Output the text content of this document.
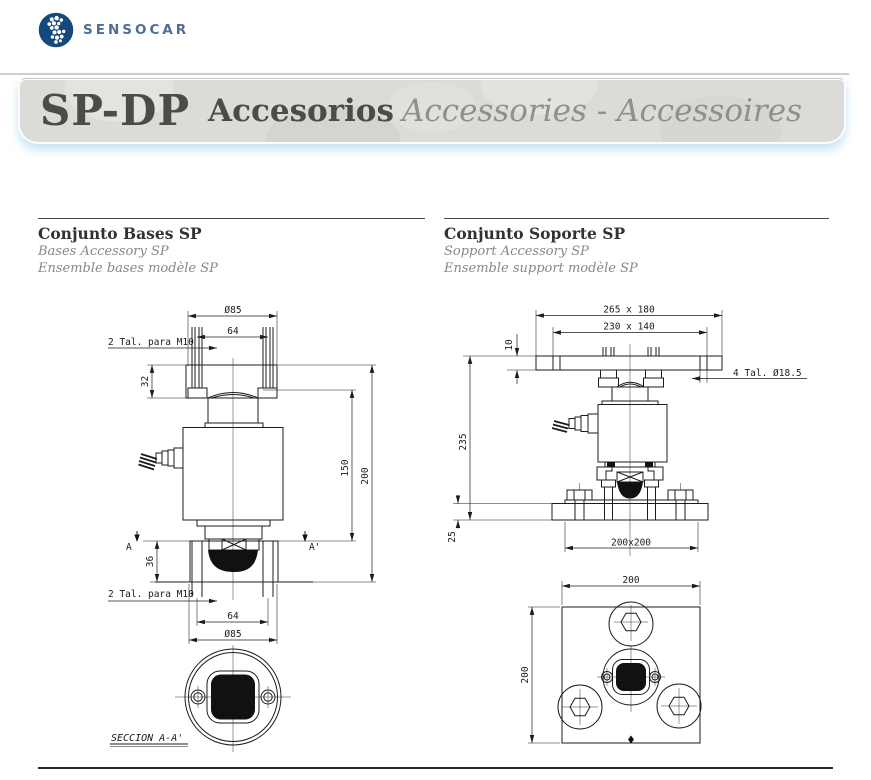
SENSOCAR
SP-DP Accesorios Accessories - Accessoires
Conjunto Bases SP

Bases Accessory SP

Ensemble bases modèle SP

Conjunto Soporte SP

Sopport Accessory SP

Ensemble support modèle SP

Ø85
64
2 Tal. para M10
32
150 200
36
A	A'
2 Tal. para M10
64
Ø85
SECCION A-A'
265 x 180
230 x 140
10
4 Tal. Ø18.5
235
25
200x200
200
200
